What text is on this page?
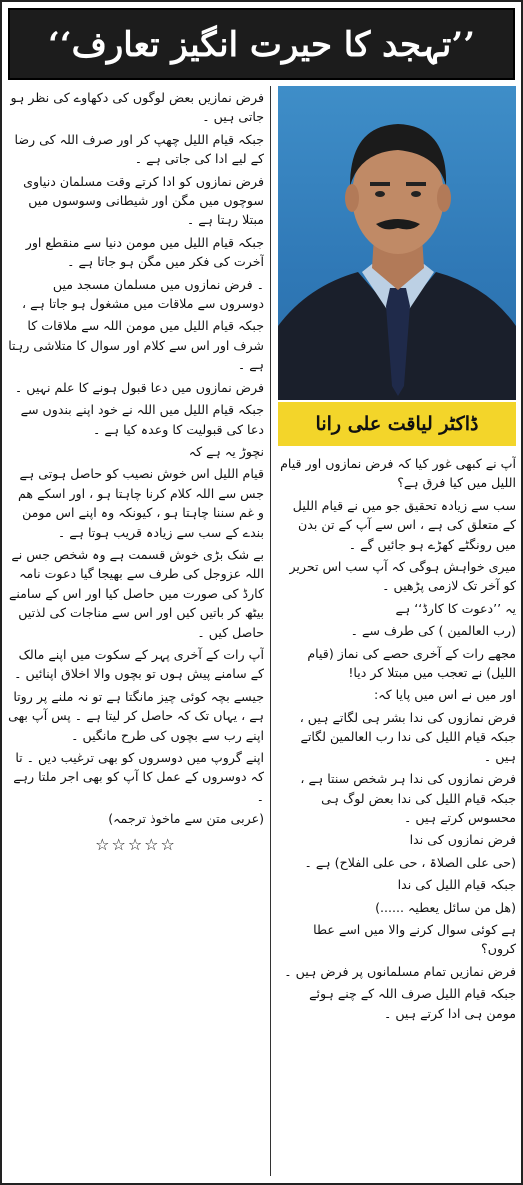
’’تہجد کا حیرت انگیز تعارف‘‘
ڈاکٹر لیاقت علی رانا

آپ نے کبھی غور کیا کہ فرض نمازوں اور قیام اللیل میں کیا فرق ہے؟

سب سے زیادہ تحقیق جو میں نے قیام اللیل کے متعلق کی ہے ، اس سے آپ کے تن بدن میں رونگٹے کھڑے ہو جائیں گے ۔

میری خواہش ہوگی کہ آپ سب اس تحریر کو آخر تک لازمی پڑھیں ۔

یہ ’’دعوت کا کارڈ‘‘ ہے

(رب العالمین ) کی طرف سے ۔

مجھے رات کے آخری حصے کی نماز (قیام اللیل) نے تعجب میں مبتلا کر دیا!

اور میں نے اس میں پایا کہ:

فرض نمازوں کی ندا بشر ہی لگاتے ہیں ، جبکہ قیام اللیل کی ندا رب العالمین لگاتے ہیں ۔

فرض نمازوں کی ندا ہر شخص سنتا ہے ، جبکہ قیام اللیل کی ندا بعض لوگ ہی محسوس کرتے ہیں ۔

فرض نمازوں کی ندا

(حی علی الصلاۃ ، حی علی الفلاح) ہے ۔

جبکہ قیام اللیل کی ندا

(ھل من سائل یعطیہ ......)

ہے کوئی سوال کرنے والا میں اسے عطا کروں؟

فرض نمازیں تمام مسلمانوں پر فرض ہیں ۔

جبکہ قیام اللیل صرف اللہ کے چنے ہوئے مومن ہی ادا کرتے ہیں ۔

فرض نمازیں بعض لوگوں کی دکھاوے کی نظر ہو جاتی ہیں ۔

جبکہ قیام اللیل چھپ کر اور صرف اللہ کی رضا کے لیے ادا کی جاتی ہے ۔

فرض نمازوں کو ادا کرتے وقت مسلمان دنیاوی سوچوں میں مگن اور شیطانی وسوسوں میں مبتلا رہتا ہے ۔

جبکہ قیام اللیل میں مومن دنیا سے منقطع اور آخرت کی فکر میں مگن ہو جاتا ہے ۔

۔ فرض نمازوں میں مسلمان مسجد میں دوسروں سے ملاقات میں مشغول ہو جاتا ہے ،

جبکہ قیام اللیل میں مومن اللہ سے ملاقات کا شرف اور اس سے کلام اور سوال کا متلاشی رہتا ہے ۔

فرض نمازوں میں دعا قبول ہونے کا علم نہیں ۔

جبکہ قیام اللیل میں اللہ نے خود اپنے بندوں سے دعا کی قبولیت کا وعدہ کیا ہے ۔

نچوڑ یہ ہے کہ

قیام اللیل اس خوش نصیب کو حاصل ہوتی ہے جس سے اللہ کلام کرنا چاہتا ہو ، اور اسکے ھم و غم سننا چاہتا ہو ، کیونکہ وہ اپنے اس مومن بندے کے سب سے زیادہ قریب ہوتا ہے ۔

بے شک بڑی خوش قسمت ہے وہ شخص جس نے اللہ عزوجل کی طرف سے بھیجا گیا دعوت نامہ کارڈ کی صورت میں حاصل کیا اور اس کے سامنے بیٹھ کر باتیں کیں اور اس سے مناجات کی لذتیں حاصل کیں ۔

آپ رات کے آخری پہر کے سکوت میں اپنے مالک کے سامنے پیش ہوں تو بچوں والا اخلاق اپنائیں ۔

جیسے بچہ کوئی چیز مانگتا ہے تو نہ ملنے پر روتا ہے ، یہاں تک کہ حاصل کر لیتا ہے ۔ پس آپ بھی اپنے رب سے بچوں کی طرح مانگیں ۔

اپنے گروپ میں دوسروں کو بھی ترغیب دیں ۔ تا کہ دوسروں کے عمل کا آپ کو بھی اجر ملتا رہے ۔

(عربی متن سے ماخوذ ترجمہ)

☆☆☆☆☆
